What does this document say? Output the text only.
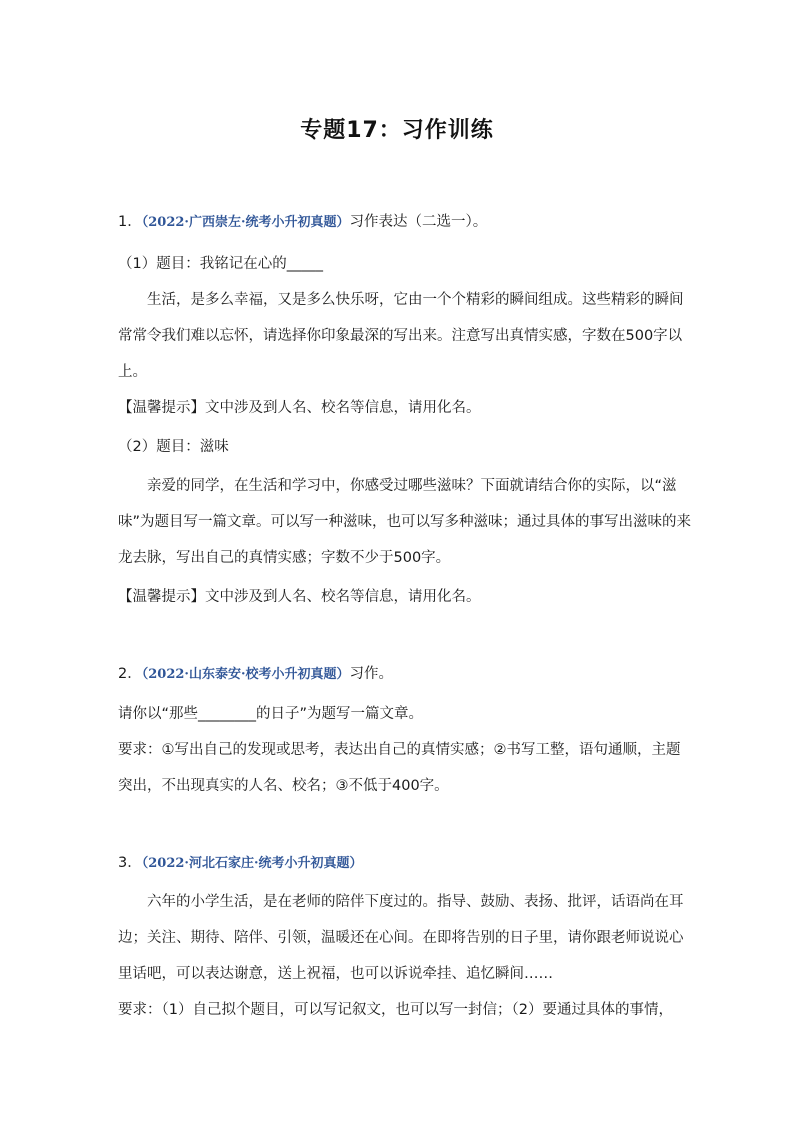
专题17：习作训练
1．（2022·广西崇左·统考小升初真题）习作表达（二选一）。
（1）题目：我铭记在心的_____
生活，是多么幸福，又是多么快乐呀，它由一个个精彩的瞬间组成。这些精彩的瞬间
常常令我们难以忘怀，请选择你印象最深的写出来。注意写出真情实感，字数在500字以
上。
【温馨提示】文中涉及到人名、校名等信息，请用化名。
（2）题目：滋味
亲爱的同学，在生活和学习中，你感受过哪些滋味？下面就请结合你的实际，以“滋
味”为题目写一篇文章。可以写一种滋味，也可以写多种滋味；通过具体的事写出滋味的来
龙去脉，写出自己的真情实感；字数不少于500字。
【温馨提示】文中涉及到人名、校名等信息，请用化名。
2．（2022·山东泰安·校考小升初真题）习作。
请你以“那些________的日子”为题写一篇文章。
要求：①写出自己的发现或思考，表达出自己的真情实感；②书写工整，语句通顺，主题
突出，不出现真实的人名、校名；③不低于400字。
3．（2022·河北石家庄·统考小升初真题）
六年的小学生活，是在老师的陪伴下度过的。指导、鼓励、表扬、批评，话语尚在耳
边；关注、期待、陪伴、引领，温暖还在心间。在即将告别的日子里，请你跟老师说说心
里话吧，可以表达谢意，送上祝福，也可以诉说牵挂、追忆瞬间……
要求：（1）自己拟个题目，可以写记叙文，也可以写一封信；（2）要通过具体的事情，
